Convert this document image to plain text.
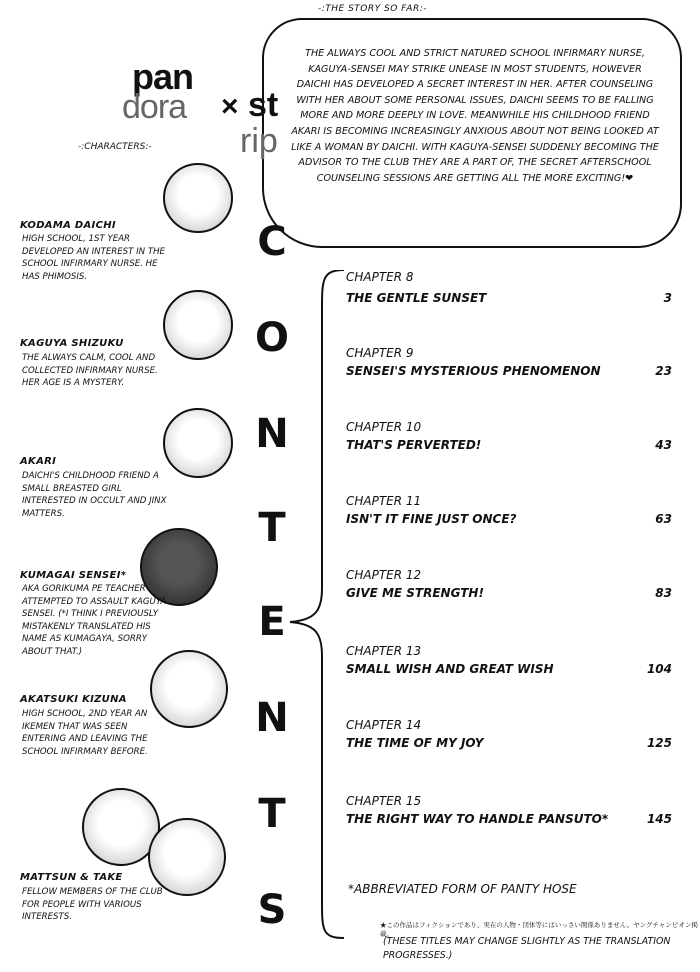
-:THE STORY SO FAR:-
THE ALWAYS COOL AND STRICT NATURED SCHOOL INFIRMARY NURSE, KAGUYA-SENSEI MAY STRIKE UNEASE IN MOST STUDENTS, HOWEVER DAICHI HAS DEVELOPED A SECRET INTEREST IN HER. AFTER COUNSELING WITH HER ABOUT SOME PERSONAL ISSUES, DAICHI SEEMS TO BE FALLING MORE AND MORE DEEPLY IN LOVE. MEANWHILE HIS CHILDHOOD FRIEND AKARI IS BECOMING INCREASINGLY ANXIOUS ABOUT NOT BEING LOOKED AT LIKE A WOMAN BY DAICHI. WITH KAGUYA-SENSEI SUDDENLY BECOMING THE ADVISOR TO THE CLUB THEY ARE A PART OF, THE SECRET AFTERSCHOOL COUNSELING SESSIONS ARE GETTING ALL THE MORE EXCITING!❤
pan
dora × st
rip
-:CHARACTERS:-
KODAMA DAICHI
HIGH SCHOOL, 1ST YEAR DEVELOPED AN INTEREST IN THE SCHOOL INFIRMARY NURSE. HE HAS PHIMOSIS.
KAGUYA SHIZUKU
THE ALWAYS CALM, COOL AND COLLECTED INFIRMARY NURSE. HER AGE IS A MYSTERY.
AKARI
DAICHI'S CHILDHOOD FRIEND A SMALL BREASTED GIRL INTERESTED IN OCCULT AND JINX MATTERS.
KUMAGAI SENSEI*
AKA GORIKUMA PE TEACHER ATTEMPTED TO ASSAULT KAGUYA SENSEI. (*I THINK I PREVIOUSLY MISTAKENLY TRANSLATED HIS NAME AS KUMAGAYA, SORRY ABOUT THAT.)
AKATSUKI KIZUNA
HIGH SCHOOL, 2ND YEAR AN IKEMEN THAT WAS SEEN ENTERING AND LEAVING THE SCHOOL INFIRMARY BEFORE.
MATTSUN & TAKE
FELLOW MEMBERS OF THE CLUB FOR PEOPLE WITH VARIOUS INTERESTS.
C
O
N
T
E
N
T
S
CHAPTER 8
THE GENTLE SUNSET	3
CHAPTER 9
SENSEI'S MYSTERIOUS PHENOMENON	23
CHAPTER 10
THAT'S PERVERTED!	43
CHAPTER 11
ISN'T IT FINE JUST ONCE?	63
CHAPTER 12
GIVE ME STRENGTH!	83
CHAPTER 13
SMALL WISH AND GREAT WISH	104
CHAPTER 14
THE TIME OF MY JOY	125
CHAPTER 15
THE RIGHT WAY TO HANDLE PANSUTO*	145
*ABBREVIATED FORM OF PANTY HOSE
★この作品はフィクションであり、実在の人物・団体等にはいっさい関係ありません。ヤングチャンピオン掲載。
(THESE TITLES MAY CHANGE SLIGHTLY AS THE TRANSLATION PROGRESSES.)
